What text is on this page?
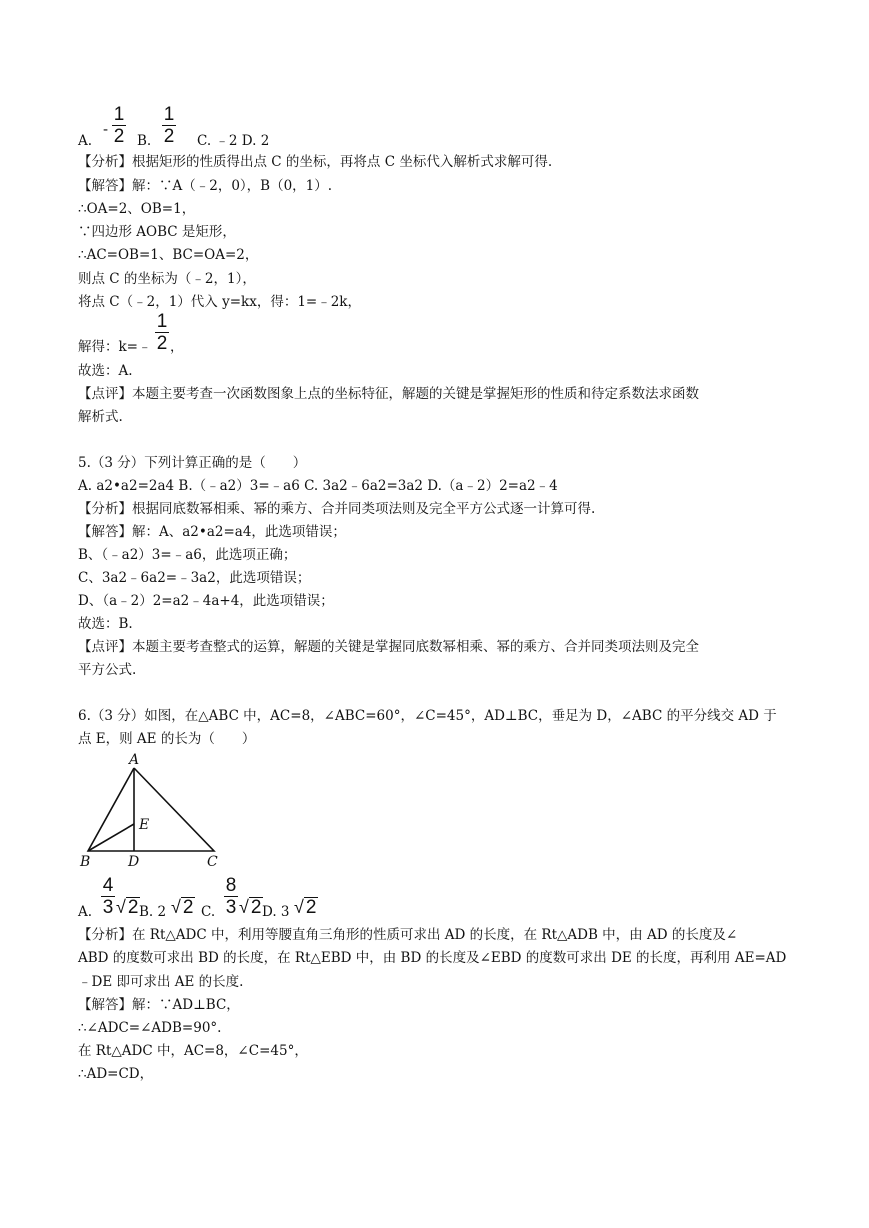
A.
-
1
2 B.
1
2 C. ﹣2 D. 2
【分析】根据矩形的性质得出点 C 的坐标，再将点 C 坐标代入解析式求解可得.
【解答】解：∵A（﹣2，0），B（0，1）.
∴OA=2、OB=1，
∵四边形 AOBC 是矩形，
∴AC=OB=1、BC=OA=2，
则点 C 的坐标为（﹣2，1），
将点 C（﹣2，1）代入 y=kx，得：1=﹣2k，
解得：k=﹣
1
2 ，
故选：A.
【点评】本题主要考查一次函数图象上点的坐标特征，解题的关键是掌握矩形的性质和待定系数法求函数
解析式.
5.（3 分）下列计算正确的是（　　）
A. a2•a2=2a4 B.（﹣a2）3=﹣a6 C. 3a2﹣6a2=3a2 D.（a﹣2）2=a2﹣4
【分析】根据同底数幂相乘、幂的乘方、合并同类项法则及完全平方公式逐一计算可得.
【解答】解：A、a2•a2=a4，此选项错误；
B、（﹣a2）3=﹣a6，此选项正确；
C、3a2﹣6a2=﹣3a2，此选项错误；
D、（a﹣2）2=a2﹣4a+4，此选项错误；
故选：B.
【点评】本题主要考查整式的运算，解题的关键是掌握同底数幂相乘、幂的乘方、合并同类项法则及完全
平方公式.
6.（3 分）如图，在△ABC 中，AC=8，∠ABC=60°，∠C=45°，AD⊥BC，垂足为 D，∠ABC 的平分线交 AD 于
点 E，则 AE 的长为（　　）
A
B	D	C
E
A.
4
3 √ 2 B. 2 √ 2 C.
8
3 √ 2 D. 3 √ 2
【分析】在 Rt△ADC 中，利用等腰直角三角形的性质可求出 AD 的长度，在 Rt△ADB 中，由 AD 的长度及∠
ABD 的度数可求出 BD 的长度，在 Rt△EBD 中，由 BD 的长度及∠EBD 的度数可求出 DE 的长度，再利用 AE=AD
﹣DE 即可求出 AE 的长度.
【解答】解：∵AD⊥BC，
∴∠ADC=∠ADB=90°.
在 Rt△ADC 中，AC=8，∠C=45°，
∴AD=CD，
